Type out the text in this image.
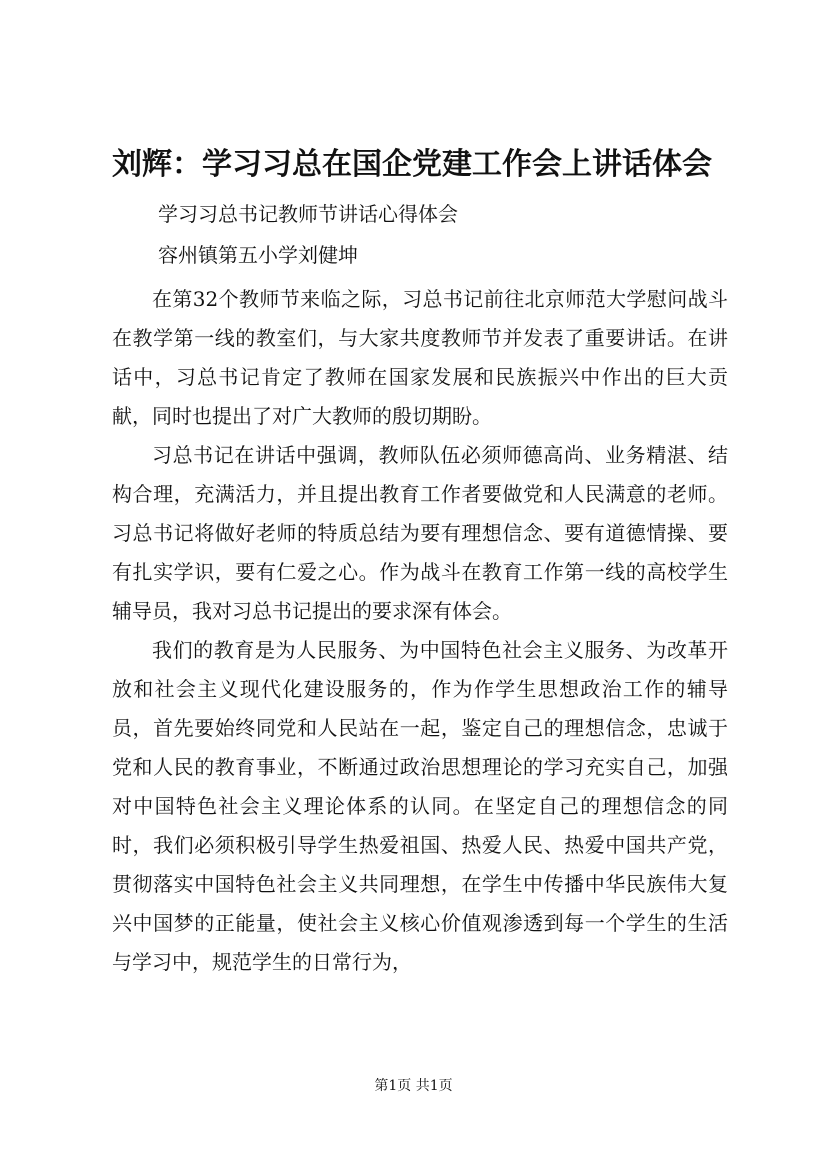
刘辉：学习习总在国企党建工作会上讲话体会
学习习总书记教师节讲话心得体会
容州镇第五小学刘健坤

在第32个教师节来临之际，习总书记前往北京师范大学慰问战斗在教学第一线的教室们，与大家共度教师节并发表了重要讲话。在讲话中，习总书记肯定了教师在国家发展和民族振兴中作出的巨大贡献，同时也提出了对广大教师的殷切期盼。

习总书记在讲话中强调，教师队伍必须师德高尚、业务精湛、结构合理，充满活力，并且提出教育工作者要做党和人民满意的老师。习总书记将做好老师的特质总结为要有理想信念、要有道德情操、要有扎实学识，要有仁爱之心。作为战斗在教育工作第一线的高校学生辅导员，我对习总书记提出的要求深有体会。

我们的教育是为人民服务、为中国特色社会主义服务、为改革开放和社会主义现代化建设服务的，作为作学生思想政治工作的辅导员，首先要始终同党和人民站在一起，鉴定自己的理想信念，忠诚于党和人民的教育事业，不断通过政治思想理论的学习充实自己，加强对中国特色社会主义理论体系的认同。在坚定自己的理想信念的同时，我们必须积极引导学生热爱祖国、热爱人民、热爱中国共产党，贯彻落实中国特色社会主义共同理想，在学生中传播中华民族伟大复兴中国梦的正能量，使社会主义核心价值观渗透到每一个学生的生活与学习中，规范学生的日常行为，

第1页 共1页
